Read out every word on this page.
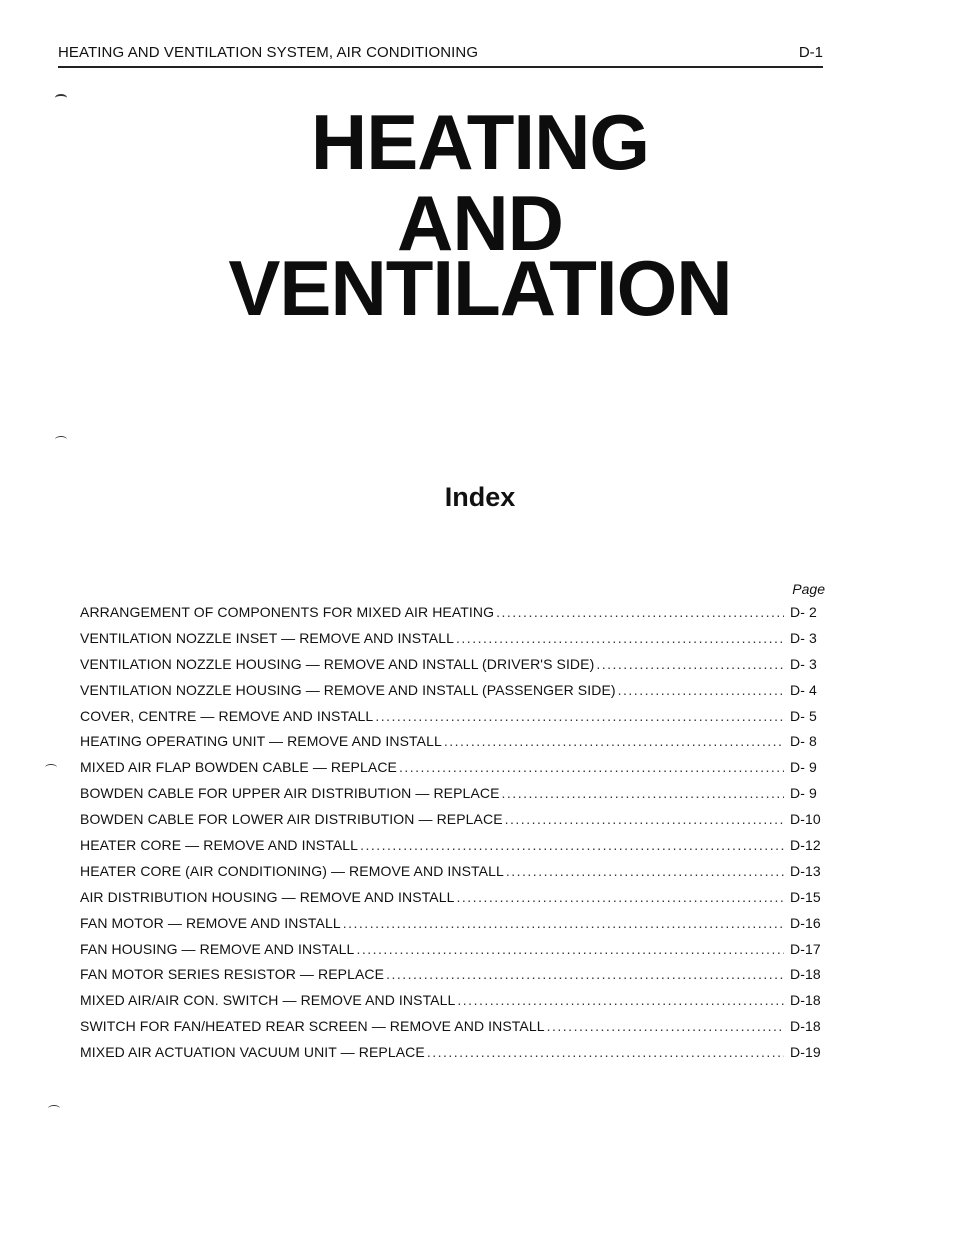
HEATING AND VENTILATION SYSTEM, AIR CONDITIONING	D-1
HEATING
AND
VENTILATION
Index
Page
ARRANGEMENT OF COMPONENTS FOR MIXED AIR HEATING .....	D- 2
VENTILATION NOZZLE INSET — REMOVE AND INSTALL .....	D- 3
VENTILATION NOZZLE HOUSING — REMOVE AND INSTALL (DRIVER'S SIDE) .....	D- 3
VENTILATION NOZZLE HOUSING — REMOVE AND INSTALL (PASSENGER SIDE) .....	D- 4
COVER, CENTRE — REMOVE AND INSTALL .....	D- 5
HEATING OPERATING UNIT — REMOVE AND INSTALL .....	D- 8
MIXED AIR FLAP BOWDEN CABLE — REPLACE .....	D- 9
BOWDEN CABLE FOR UPPER AIR DISTRIBUTION — REPLACE .....	D- 9
BOWDEN CABLE FOR LOWER AIR DISTRIBUTION — REPLACE .....	D-10
HEATER CORE — REMOVE AND INSTALL .....	D-12
HEATER CORE (AIR CONDITIONING) — REMOVE AND INSTALL .....	D-13
AIR DISTRIBUTION HOUSING — REMOVE AND INSTALL .....	D-15
FAN MOTOR — REMOVE AND INSTALL .....	D-16
FAN HOUSING — REMOVE AND INSTALL .....	D-17
FAN MOTOR SERIES RESISTOR — REPLACE .....	D-18
MIXED AIR/AIR CON. SWITCH — REMOVE AND INSTALL .....	D-18
SWITCH FOR FAN/HEATED REAR SCREEN — REMOVE AND INSTALL .....	D-18
MIXED AIR ACTUATION VACUUM UNIT — REPLACE .....	D-19
